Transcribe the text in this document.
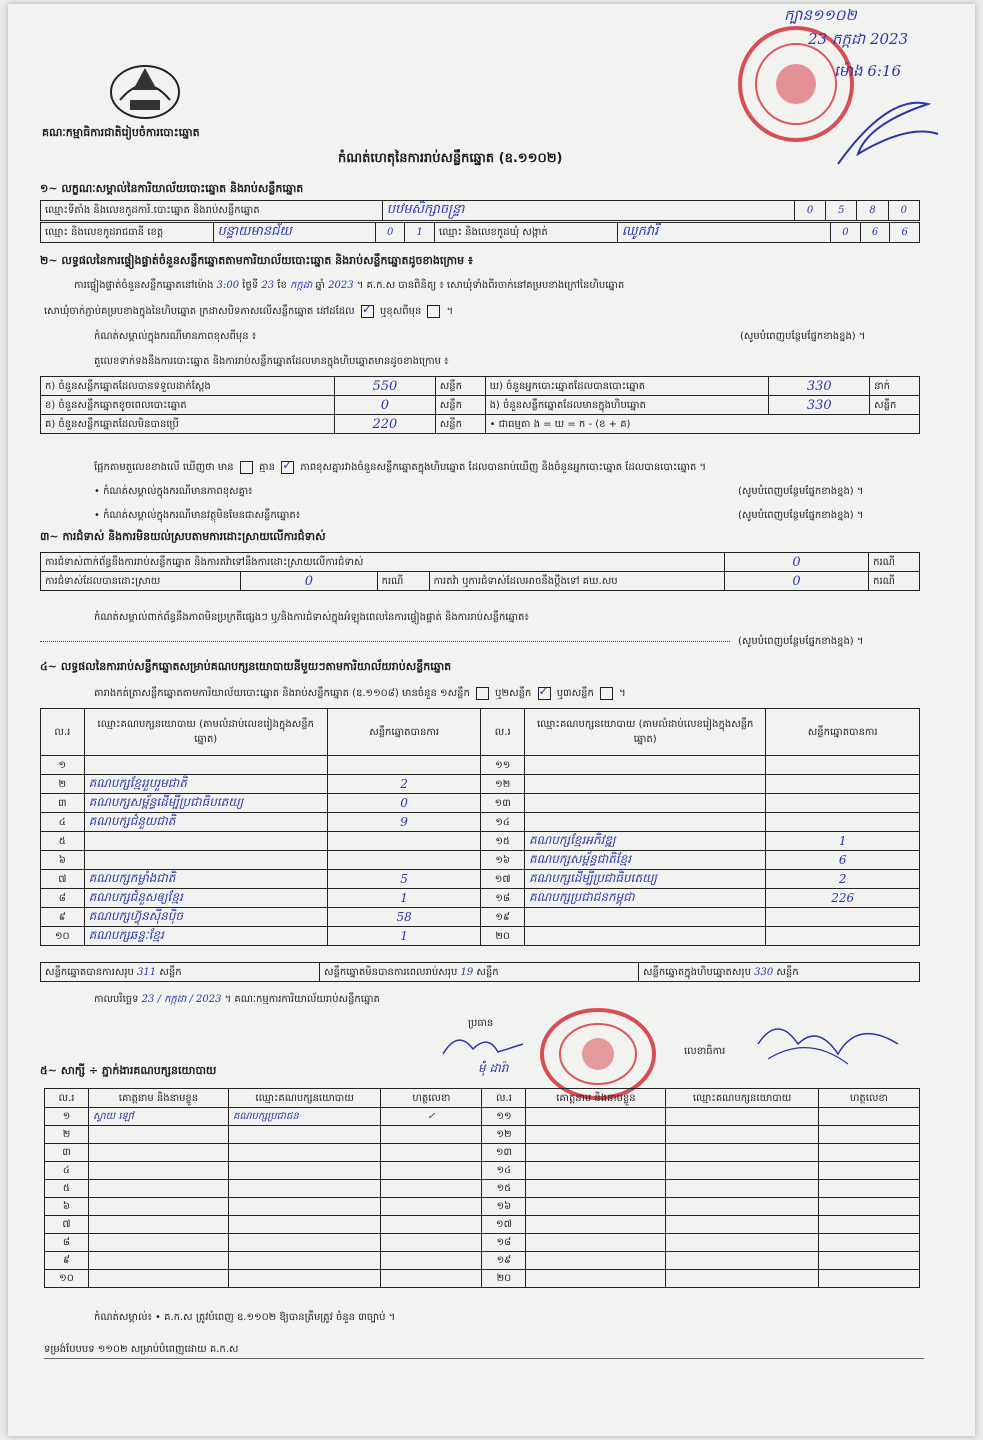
គណៈកម្មាធិការជាតិរៀបចំការបោះឆ្នោត
ក្បាន១១០២
23 កក្កដា 2023
ម៉ោង 6:16
កំណត់ហេតុនៃការរាប់សន្លឹកឆ្នោត (ឧ.១១០២)
១~ លក្ខណៈសម្គាល់នៃការិយាល័យបោះឆ្នោត និងរាប់សន្លឹកឆ្នោត
ឈ្មោះទីតាំង និងលេខកូដការិ.បោះឆ្នោត និងរាប់សន្លឹកឆ្នោត	បឋមសិក្សាចន្ទ្រា	0	5	8	0
ឈ្មោះ និងលេខកូដរាជធានី ខេត្ត	បន្ទាយមានជ័យ	0	1	ឈ្មោះ និងលេខកូដឃុំ សង្កាត់	ឈូកវារី	0	6	6
២~ លទ្ធផលនៃការផ្ទៀងផ្ទាត់ចំនួនសន្លឹកឆ្នោតតាមការិយាល័យបោះឆ្នោត និងរាប់សន្លឹកឆ្នោតដូចខាងក្រោម ៖
ការផ្ទៀងផ្ទាត់ចំនួនសន្លឹកឆ្នោតនៅម៉ោង 3:00 ថ្ងៃទី 23 ខែ កក្កដា ឆ្នាំ 2023 ។ គ.ក.ស បានពិនិត្យ ៖ សោឃុំទាំងពីរចាក់នៅគម្របខាងក្រៅនៃហិបឆ្នោត
សោឃុំចាក់ភ្ជាប់គម្របខាងក្នុងនៃហិបឆ្នោត ក្រដាសបិទភាសលើសន្លឹកឆ្នោត នៅដដែល ✓	ឬខុសពីមុន  ។
កំណត់សម្គាល់ក្នុងករណីមានភាពខុសពីមុន ៖	(សូមបំពេញបន្ថែមផ្នែកខាងខ្នង) ។
តួលេខទាក់ទងនឹងការបោះឆ្នោត និងការរាប់សន្លឹកឆ្នោតដែលមានក្នុងហិបឆ្នោតមានដូចខាងក្រោម ៖
ក) ចំនួនសន្លឹកឆ្នោតដែលបានទទួលដាក់ស្តែង	550	សន្លឹក	ឃ) ចំនួនអ្នកបោះឆ្នោតដែលបានបោះឆ្នោត	330	នាក់
ខ) ចំនួនសន្លឹកឆ្នោតខូចពេលបោះឆ្នោត	0	សន្លឹក	ង) ចំនួនសន្លឹកឆ្នោតដែលមានក្នុងហិបឆ្នោត	330	សន្លឹក
គ) ចំនួនសន្លឹកឆ្នោតដែលមិនបានប្រើ	220	សន្លឹក	• ជាធម្មតា ង = ឃ = ក - (ខ + គ)		
ផ្អែកតាមតួលេខខាងលើ ឃើញថា មាន	គ្មាន ✓	ភាពខុសគ្នារវាងចំនួនសន្លឹកឆ្នោតក្នុងហិបឆ្នោត ដែលបានរាប់ឃើញ និងចំនួនអ្នកបោះឆ្នោត ដែលបានបោះឆ្នោត ។
• កំណត់សម្គាល់ក្នុងករណីមានភាពខុសគ្នា៖	(សូមបំពេញបន្ថែមផ្នែកខាងខ្នង) ។
• កំណត់សម្គាល់ក្នុងករណីមានវត្ថុមិនមែនជាសន្លឹកឆ្នោត៖	(សូមបំពេញបន្ថែមផ្នែកខាងខ្នង) ។
៣~ ការជំទាស់ និងការមិនយល់ស្របតាមការដោះស្រាយលើការជំទាស់
ការជំទាស់ពាក់ព័ន្ធនឹងការរាប់សន្លឹកឆ្នោត និងការតវ៉ាទៅនឹងការដោះស្រាយលើការជំទាស់				0	ករណី
ការជំទាស់ដែលបានដោះស្រាយ	0	ករណី	ការតវ៉ា ឬការជំទាស់ដែលអាចនឹងប្តឹងទៅ គឃ.សប	0	ករណី
កំណត់សម្គាល់ពាក់ព័ន្ធនឹងភាពមិនប្រក្រតីផ្សេងៗ ឬ/និងការជំទាស់ក្នុងអំឡុងពេលនៃការផ្ទៀងផ្ទាត់ និងការរាប់សន្លឹកឆ្នោត៖
(សូមបំពេញបន្ថែមផ្នែកខាងខ្នង) ។
៤~ លទ្ធផលនៃការរាប់សន្លឹកឆ្នោតសម្រាប់គណបក្សនយោបាយនីមួយៗតាមការិយាល័យរាប់សន្លឹកឆ្នោត
តារាងកត់ត្រាសន្លឹកឆ្នោតតាមការិយាល័យបោះឆ្នោត និងរាប់សន្លឹកឆ្នោត (ឧ.១១០៨) មានចំនួន ១សន្លឹក	ឬ២សន្លឹក ✓	ឬ៣សន្លឹក  ។
ល.រ	ឈ្មោះគណបក្សនយោបាយ (តាមលំដាប់លេខរៀងក្នុងសន្លឹកឆ្នោត)	សន្លឹកឆ្នោតបានការ	ល.រ	ឈ្មោះគណបក្សនយោបាយ (តាមលំដាប់លេខរៀងក្នុងសន្លឹកឆ្នោត)	សន្លឹកឆ្នោតបានការ
១			១១		
២	គណបក្សខ្មែររួបរួមជាតិ	2	១២		
៣	គណបក្សសម្ព័ន្ធដើម្បីប្រជាធិបតេយ្យ	0	១៣		
៤	គណបក្សជំនួយជាតិ	9	១៤		
៥			១៥	គណបក្សខ្មែរអភិវឌ្ឍ	1
៦			១៦	គណបក្សសម្ព័ន្ធជាតិខ្មែរ	6
៧	គណបក្សកម្លាំងជាតិ	5	១៧	គណបក្សដើម្បីប្រជាធិបតេយ្យ	2
៨	គណបក្សជំនួសឲ្យខ្មែរ	1	១៨	គណបក្សប្រជាជនកម្ពុជា	226
៩	គណបក្សហ៊្វុនស៊ីនប៉ិច	58	១៩		
១០	គណបក្សឆន្ទៈខ្មែរ	1	២០		
សន្លឹកឆ្នោតបានការសរុប 311 សន្លឹក	សន្លឹកឆ្នោតមិនបានការពេលរាប់សរុប 19 សន្លឹក	សន្លឹកឆ្នោតក្នុងហិបឆ្នោតសរុប 330 សន្លឹក
កាលបរិច្ឆេទ 23 / កក្កដា / 2023 ។ គណៈកម្មការការិយាល័យរាប់សន្លឹកឆ្នោត
ប្រធាន
លេខាធិការ
ម៉ុំ ដារ៉ា
៥~ សាក្សី ÷ ភ្នាក់ងារគណបក្សនយោបាយ
ល.រ	គោត្តនាម និងនាមខ្លួន	ឈ្មោះគណបក្សនយោបាយ	ហត្ថលេខា	ល.រ	គោត្តនាម និងនាមខ្លួន	ឈ្មោះគណបក្សនយោបាយ	ហត្ថលេខា
១	ស្វាយ ឡៅ	គណបក្សប្រជាជន	✓	១១			
២				១២			
៣				១៣			
៤				១៤			
៥				១៥			
៦				១៦			
៧				១៧			
៨				១៨			
៩				១៩			
១០				២០			
កំណត់សម្គាល់៖ • គ.ក.ស ត្រូវបំពេញ ឧ.១១០២ ឱ្យបានត្រឹមត្រូវ ចំនួន ៣ច្បាប់ ។
ទម្រង់បែបបទ ១១០២ សម្រាប់បំពេញដោយ គ.ក.ស
